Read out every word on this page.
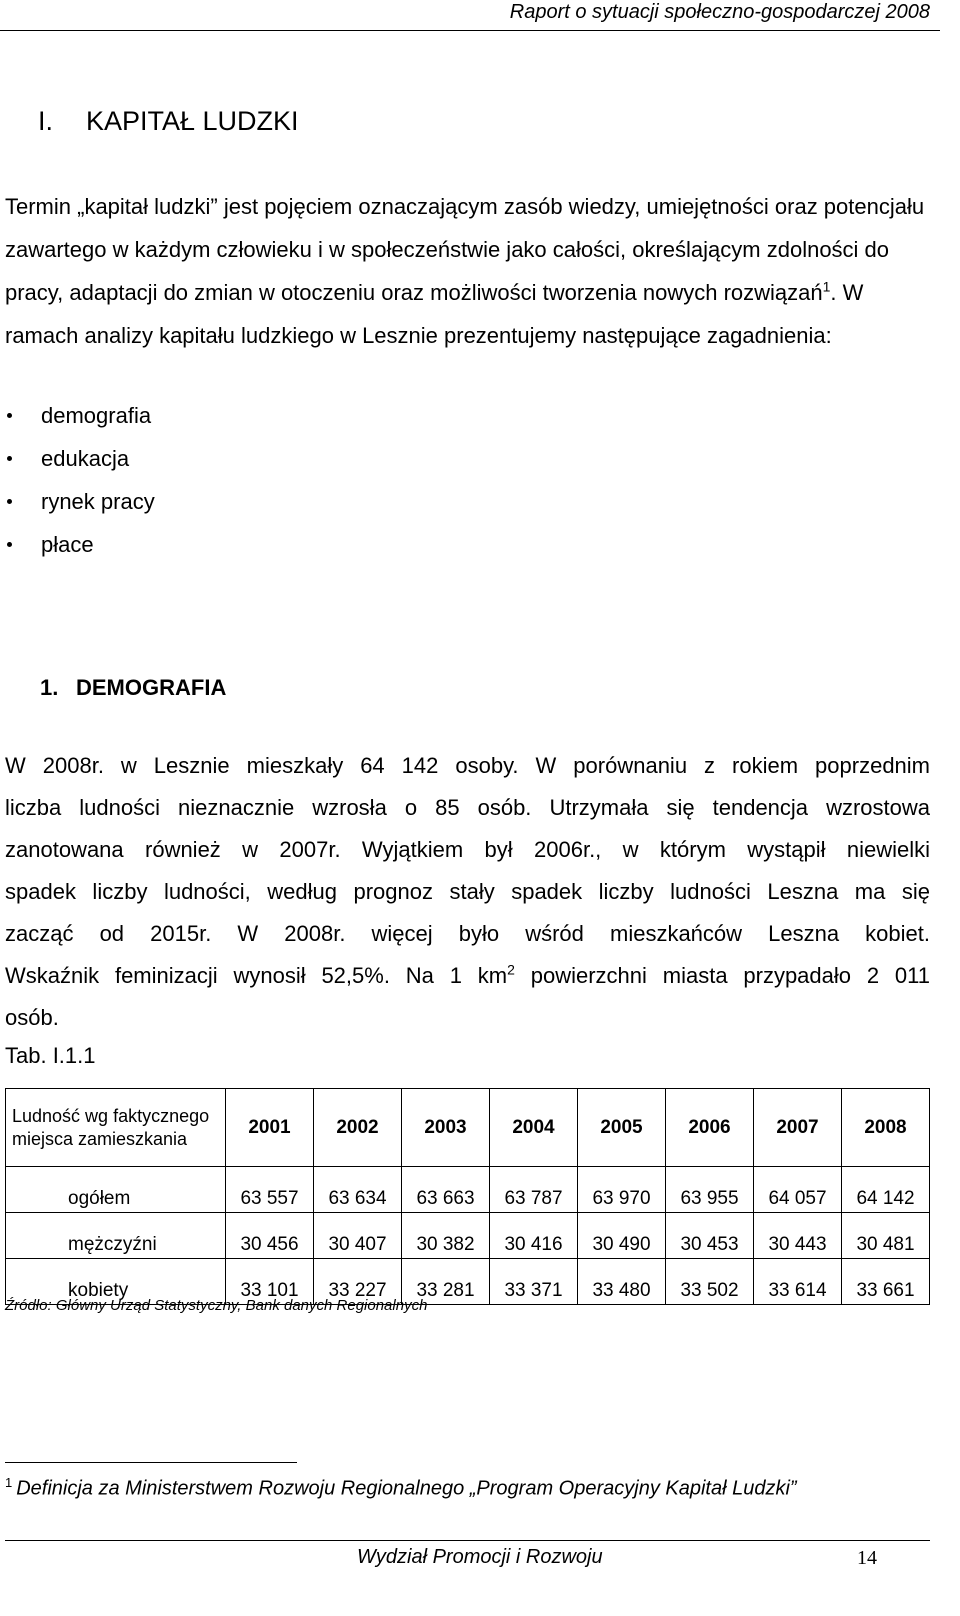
Raport o sytuacji społeczno-gospodarczej 2008
I. KAPITAŁ LUDZKI
Termin „kapitał ludzki” jest pojęciem oznaczającym zasób wiedzy, umiejętności oraz potencjału zawartego w każdym człowieku i w społeczeństwie jako całości, określającym zdolności do pracy, adaptacji do zmian w otoczeniu oraz możliwości tworzenia nowych rozwiązań$^1$. W ramach analizy kapitału ludzkiego w Lesznie prezentujemy następujące zagadnienia:
demografia
edukacja
rynek pracy
płace
1. DEMOGRAFIA
W 2008r. w Lesznie mieszkały 64 142 osoby. W porównaniu z rokiem poprzednim
liczba ludności nieznacznie wzrosła o 85 osób. Utrzymała się tendencja wzrostowa
zanotowana również w 2007r. Wyjątkiem był 2006r., w którym wystąpił niewielki
spadek liczby ludności, według prognoz stały spadek liczby ludności Leszna ma się
zacząć od 2015r. W 2008r. więcej było wśród mieszkańców Leszna kobiet.
Wskaźnik feminizacji wynosił 52,5%. Na 1 km$^2$ powierzchni miasta przypadało 2 011
osób.
Tab. I.1.1
Ludność wg faktycznego miejsca zamieszkania	2001	2002	2003	2004	2005	2006	2007	2008
ogółem	63 557	63 634	63 663	63 787	63 970	63 955	64 057	64 142
mężczyźni	30 456	30 407	30 382	30 416	30 490	30 453	30 443	30 481
kobiety	33 101	33 227	33 281	33 371	33 480	33 502	33 614	33 661
Źródło: Główny Urząd Statystyczny, Bank danych Regionalnych
$^1$ Definicja za Ministerstwem Rozwoju Regionalnego „Program Operacyjny Kapitał Ludzki”
Wydział Promocji i Rozwoju	14
